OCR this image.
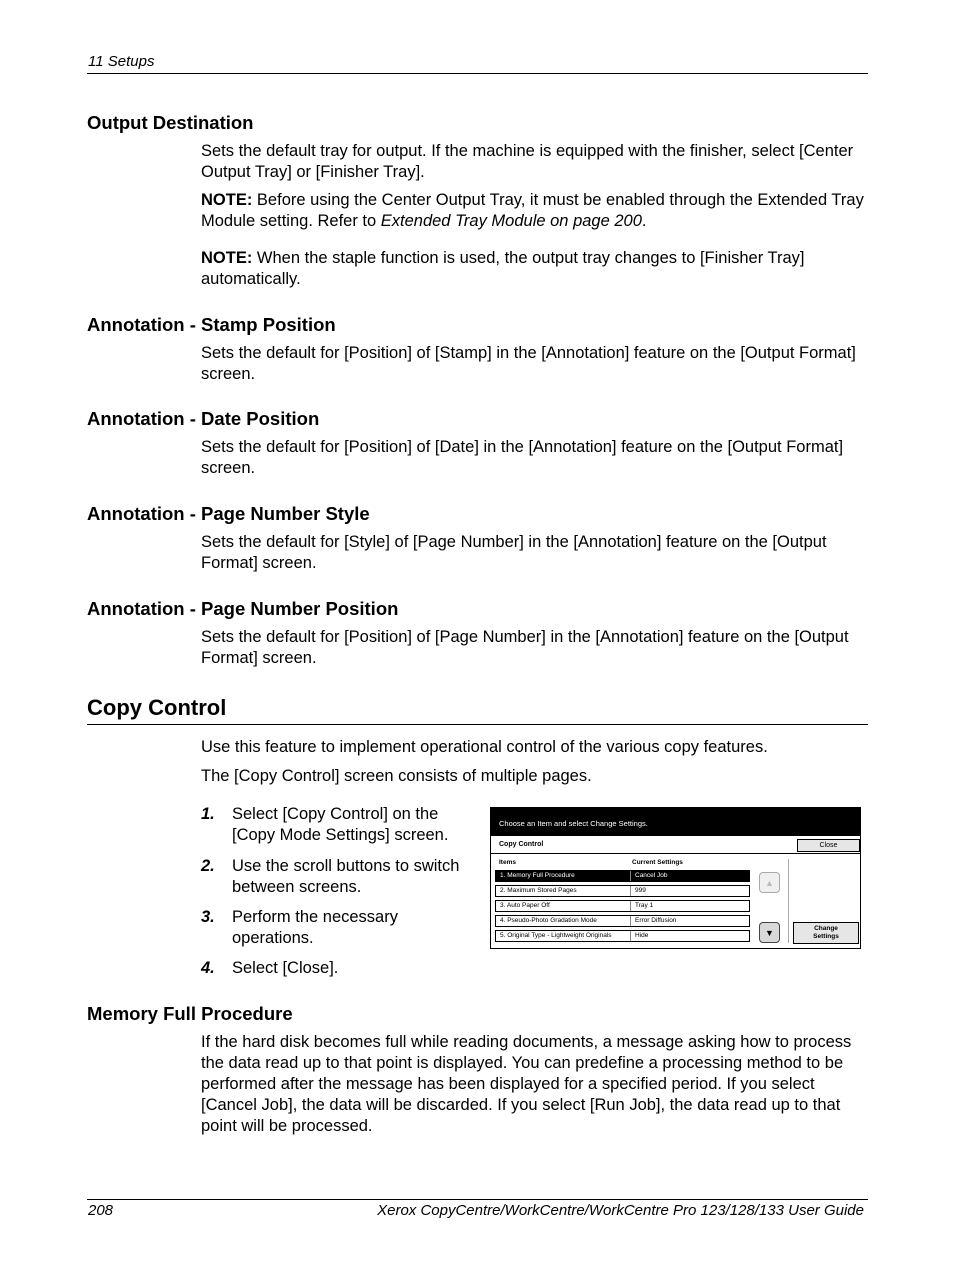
11 Setups
Output Destination
Sets the default tray for output. If the machine is equipped with the finisher, select [Center Output Tray] or [Finisher Tray].
NOTE: Before using the Center Output Tray, it must be enabled through the Extended Tray Module setting. Refer to Extended Tray Module on page 200.
NOTE: When the staple function is used, the output tray changes to [Finisher Tray] automatically.
Annotation - Stamp Position
Sets the default for [Position] of [Stamp] in the [Annotation] feature on the [Output Format] screen.
Annotation - Date Position
Sets the default for [Position] of [Date] in the [Annotation] feature on the [Output Format] screen.
Annotation - Page Number Style
Sets the default for [Style] of [Page Number] in the [Annotation] feature on the [Output Format] screen.
Annotation - Page Number Position
Sets the default for [Position] of [Page Number] in the [Annotation] feature on the [Output Format] screen.
Copy Control
Use this feature to implement operational control of the various copy features.
The [Copy Control] screen consists of multiple pages.
1. Select [Copy Control] on the [Copy Mode Settings] screen.
2. Use the scroll buttons to switch between screens.
3. Perform the necessary operations.
4. Select [Close].
Choose an Item and select Change Settings.
Copy Control	Close
Items	Current Settings
1. Memory Full Procedure	Cancel Job
2. Maximum Stored Pages	999
3. Auto Paper Off	Tray 1
4. Pseudo-Photo Gradation Mode	Error Diffusion
5. Original Type - Lightweight Originals	Hide
▲
▼	Change
Settings
Memory Full Procedure
If the hard disk becomes full while reading documents, a message asking how to process the data read up to that point is displayed. You can predefine a processing method to be performed after the message has been displayed for a specified period. If you select [Cancel Job], the data will be discarded. If you select [Run Job], the data read up to that point will be processed.
208	Xerox CopyCentre/WorkCentre/WorkCentre Pro 123/128/133 User Guide
